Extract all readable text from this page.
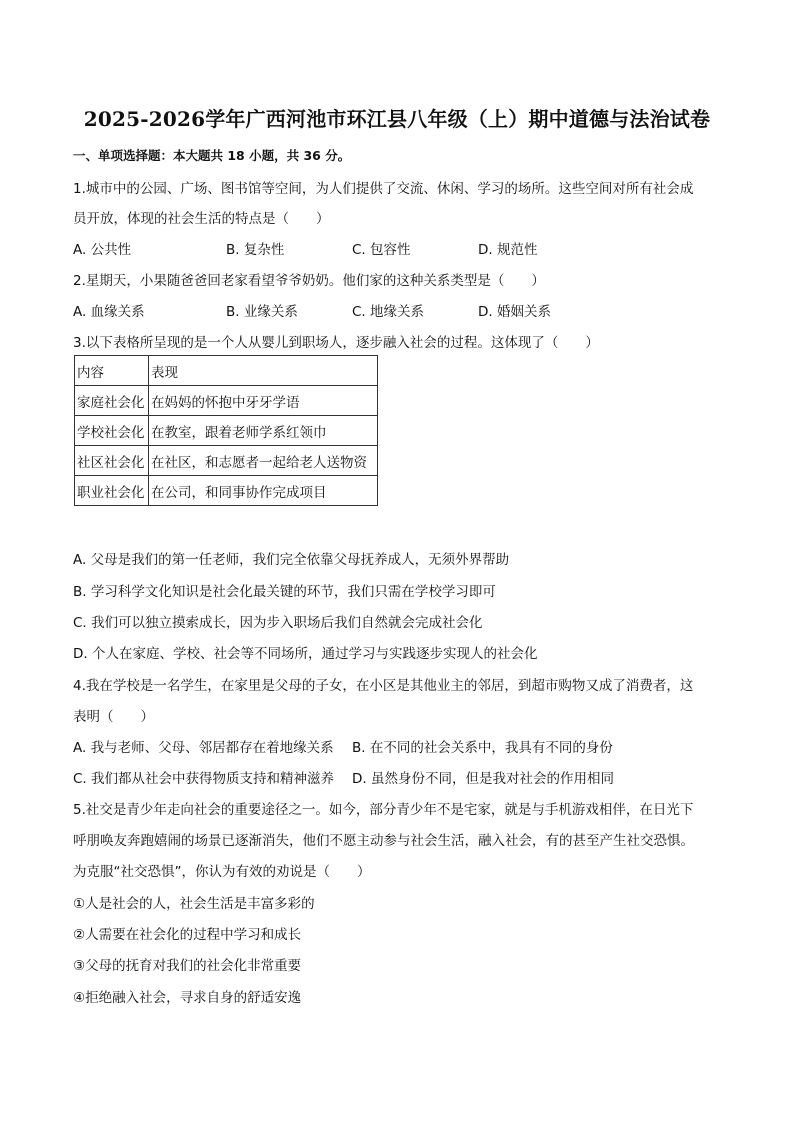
2025-2026学年广西河池市环江县八年级（上）期中道德与法治试卷
一、单项选择题：本大题共 18 小题，共 36 分。
1.城市中的公园、广场、图书馆等空间，为人们提供了交流、休闲、学习的场所。这些空间对所有社会成
员开放，体现的社会生活的特点是（　　）
A. 公共性	B. 复杂性	C. 包容性	D. 规范性
2.星期天，小果随爸爸回老家看望爷爷奶奶。他们家的这种关系类型是（　　）
A. 血缘关系	B. 业缘关系	C. 地缘关系	D. 婚姻关系
3.以下表格所呈现的是一个人从婴儿到职场人，逐步融入社会的过程。这体现了（　　）
内容	表现
家庭社会化	在妈妈的怀抱中牙牙学语
学校社会化	在教室，跟着老师学系红领巾
社区社会化	在社区，和志愿者一起给老人送物资
职业社会化	在公司，和同事协作完成项目
A. 父母是我们的第一任老师，我们完全依靠父母抚养成人，无须外界帮助
B. 学习科学文化知识是社会化最关键的环节，我们只需在学校学习即可
C. 我们可以独立摸索成长，因为步入职场后我们自然就会完成社会化
D. 个人在家庭、学校、社会等不同场所，通过学习与实践逐步实现人的社会化
4.我在学校是一名学生，在家里是父母的子女，在小区是其他业主的邻居，到超市购物又成了消费者，这
表明（　　）
A. 我与老师、父母、邻居都存在着地缘关系 B. 在不同的社会关系中，我具有不同的身份
C. 我们都从社会中获得物质支持和精神滋养 D. 虽然身份不同，但是我对社会的作用相同
5.社交是青少年走向社会的重要途径之一。如今，部分青少年不是宅家，就是与手机游戏相伴，在日光下
呼朋唤友奔跑嬉闹的场景已逐渐消失，他们不愿主动参与社会生活，融入社会，有的甚至产生社交恐惧。
为克服“社交恐惧”，你认为有效的劝说是（　　）
①人是社会的人，社会生活是丰富多彩的
②人需要在社会化的过程中学习和成长
③父母的抚育对我们的社会化非常重要
④拒绝融入社会，寻求自身的舒适安逸
